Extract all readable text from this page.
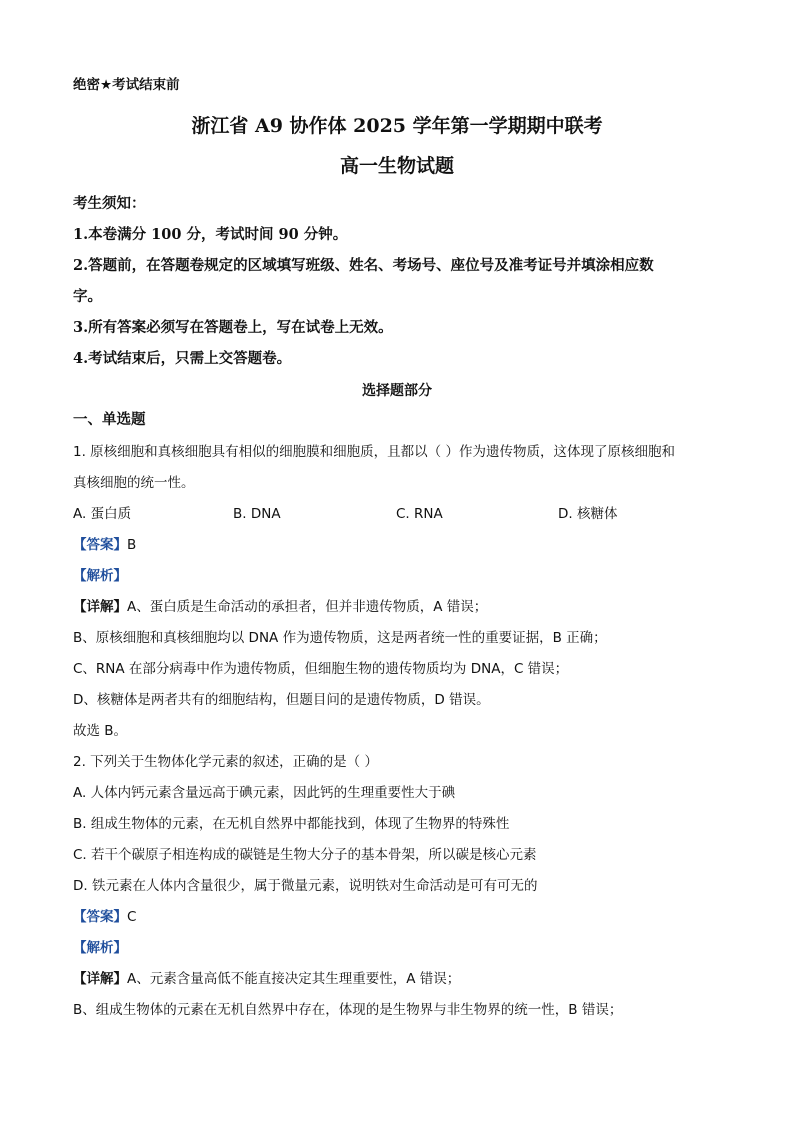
绝密★考试结束前
浙江省 A9 协作体 2025 学年第一学期期中联考
高一生物试题
考生须知：
1.本卷满分 100 分，考试时间 90 分钟。
2.答题前，在答题卷规定的区域填写班级、姓名、考场号、座位号及准考证号并填涂相应数
字。
3.所有答案必须写在答题卷上，写在试卷上无效。
4.考试结束后，只需上交答题卷。
选择题部分
一、单选题
1. 原核细胞和真核细胞具有相似的细胞膜和细胞质，且都以（ ）作为遗传物质，这体现了原核细胞和
真核细胞的统一性。
A. 蛋白质	B. DNA	C. RNA	D. 核糖体
【答案】B
【解析】
【详解】A、蛋白质是生命活动的承担者，但并非遗传物质，A 错误；
B、原核细胞和真核细胞均以 DNA 作为遗传物质，这是两者统一性的重要证据，B 正确；
C、RNA 在部分病毒中作为遗传物质，但细胞生物的遗传物质均为 DNA，C 错误；
D、核糖体是两者共有的细胞结构，但题目问的是遗传物质，D 错误。
故选 B。
2. 下列关于生物体化学元素的叙述，正确的是（ ）
A. 人体内钙元素含量远高于碘元素，因此钙的生理重要性大于碘
B. 组成生物体的元素，在无机自然界中都能找到，体现了生物界的特殊性
C. 若干个碳原子相连构成的碳链是生物大分子的基本骨架，所以碳是核心元素
D. 铁元素在人体内含量很少，属于微量元素，说明铁对生命活动是可有可无的
【答案】C
【解析】
【详解】A、元素含量高低不能直接决定其生理重要性，A 错误；
B、组成生物体的元素在无机自然界中存在，体现的是生物界与非生物界的统一性，B 错误；
